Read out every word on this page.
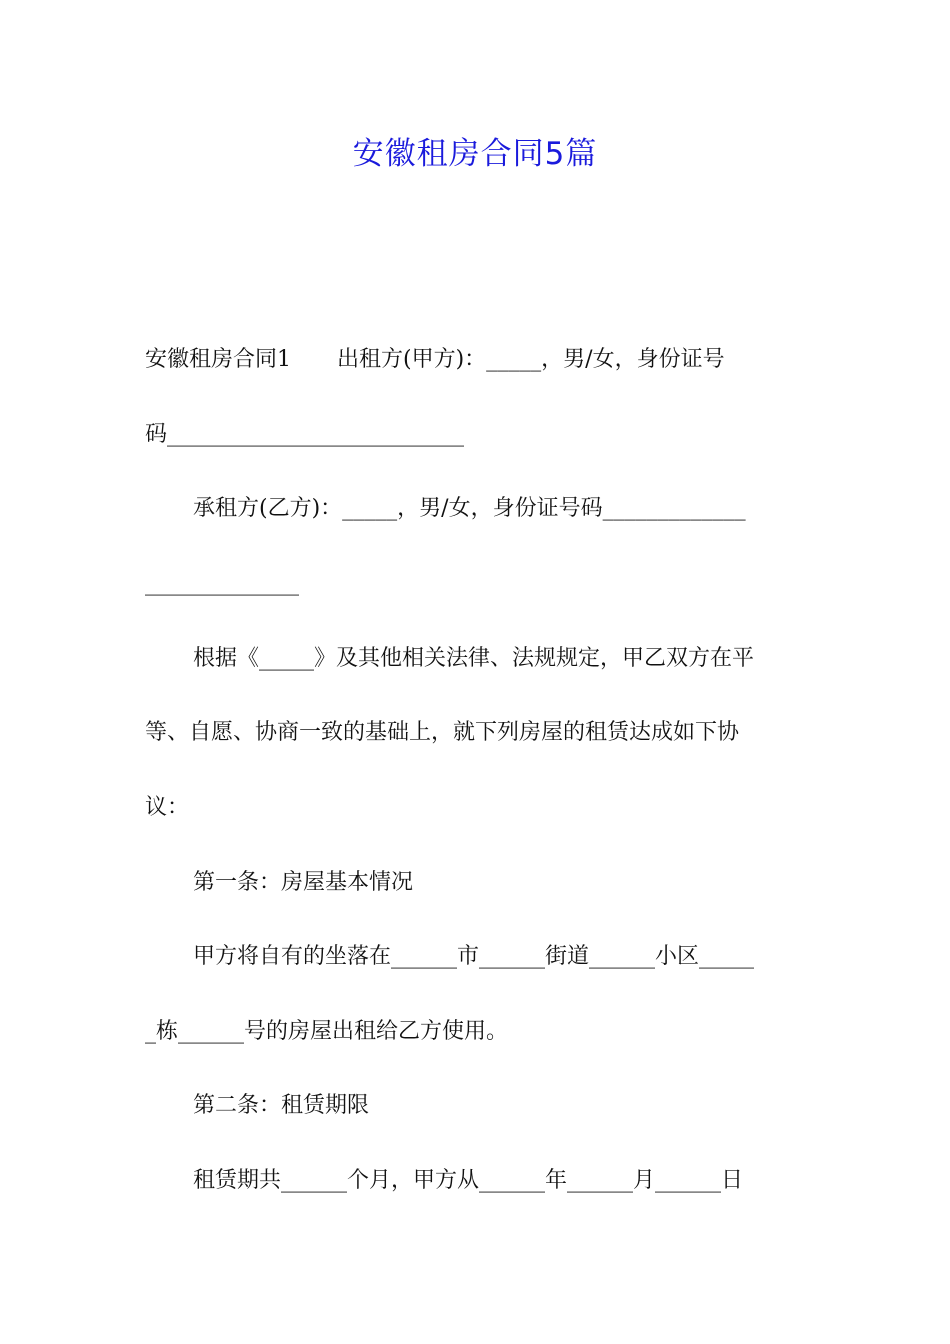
安徽租房合同5篇
安徽租房合同1 出租方(甲方)：_____，男/女，身份证号
码___________________________
承租方(乙方)：_____，男/女，身份证号码_____________
______________
根据《_____》及其他相关法律、法规规定，甲乙双方在平
等、自愿、协商一致的基础上，就下列房屋的租赁达成如下协
议：
第一条：房屋基本情况
甲方将自有的坐落在______市______街道______小区_____
_栋______号的房屋出租给乙方使用。
第二条：租赁期限
租赁期共______个月，甲方从______年______月______日
